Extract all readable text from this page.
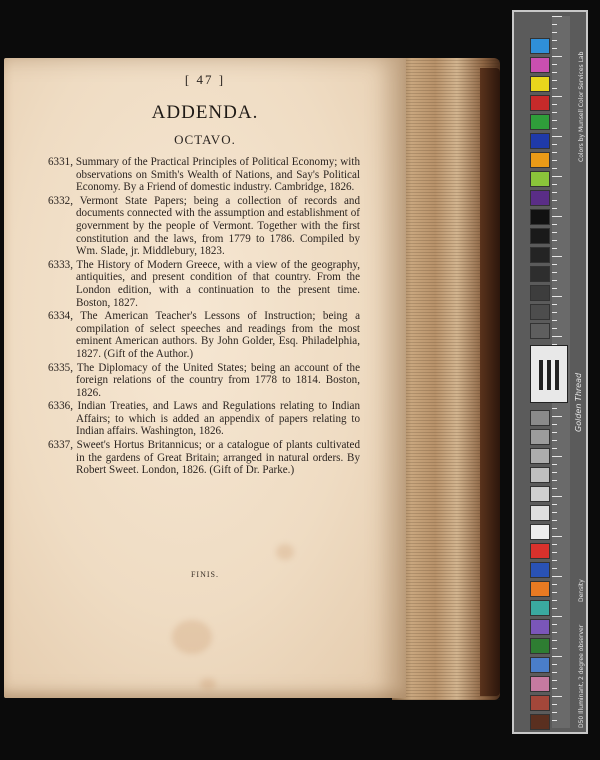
[ 47 ]
ADDENDA.
OCTAVO.
6331, Summary of the Practical Principles of Political Economy; with observations on Smith's Wealth of Nations, and Say's Political Economy. By a Friend of domestic industry. Cambridge, 1826.
6332, Vermont State Papers; being a collection of records and documents connected with the assumption and establishment of government by the people of Vermont. Together with the first constitution and the laws, from 1779 to 1786. Compiled by Wm. Slade, jr. Middlebury, 1823.
6333, The History of Modern Greece, with a view of the geography, antiquities, and present condition of that country. From the London edition, with a continuation to the present time. Boston, 1827.
6334, The American Teacher's Lessons of Instruction; being a compilation of select speeches and readings from the most eminent American authors. By John Golder, Esq. Philadelphia, 1827. (Gift of the Author.)
6335, The Diplomacy of the United States; being an account of the foreign relations of the country from 1778 to 1814. Boston, 1826.
6336, Indian Treaties, and Laws and Regulations relating to Indian Affairs; to which is added an appendix of papers relating to Indian affairs. Washington, 1826.
6337, Sweet's Hortus Britannicus; or a catalogue of plants cultivated in the gardens of Great Britain; arranged in natural orders. By Robert Sweet. London, 1826. (Gift of Dr. Parke.)
FINIS.
Colors by Munsell Color Services Lab
Golden Thread
Density
D50 Illuminant, 2 degree observer
